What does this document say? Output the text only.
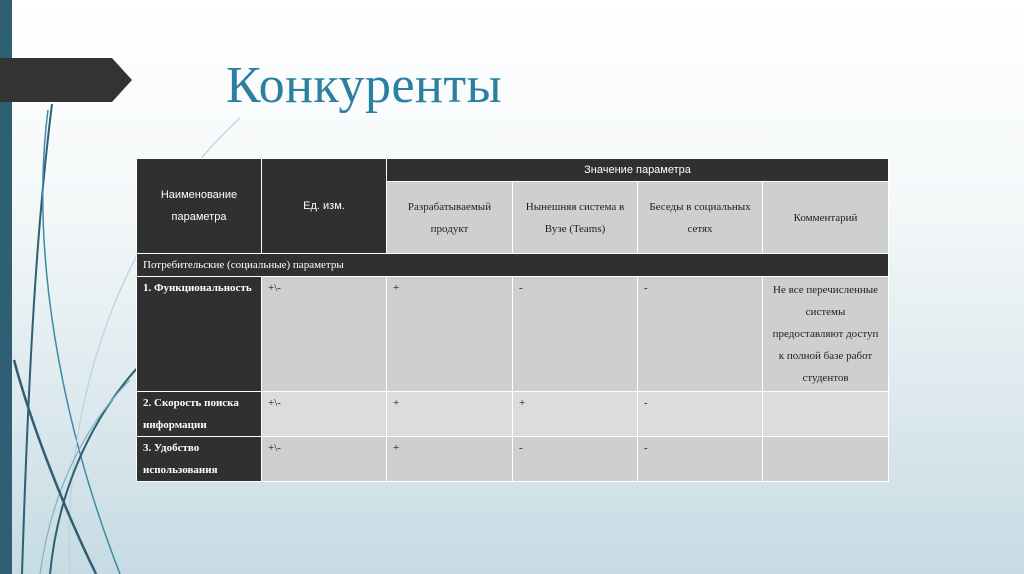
Конкуренты
Наименование параметра	Ед. изм.	Значение параметра			
		Разрабатываемый продукт	Нынешняя система в Вузе (Teams)	Беседы в социальных сетях	Комментарий
Потребительские (социальные) параметры					
1. Функциональность	+\-	+	-	-	Не все перечисленные системы предоставляют доступ к полной базе работ студентов
2. Скорость поиска информации	+\-	+	+	-	
3. Удобство использования	+\-	+	-	-	
